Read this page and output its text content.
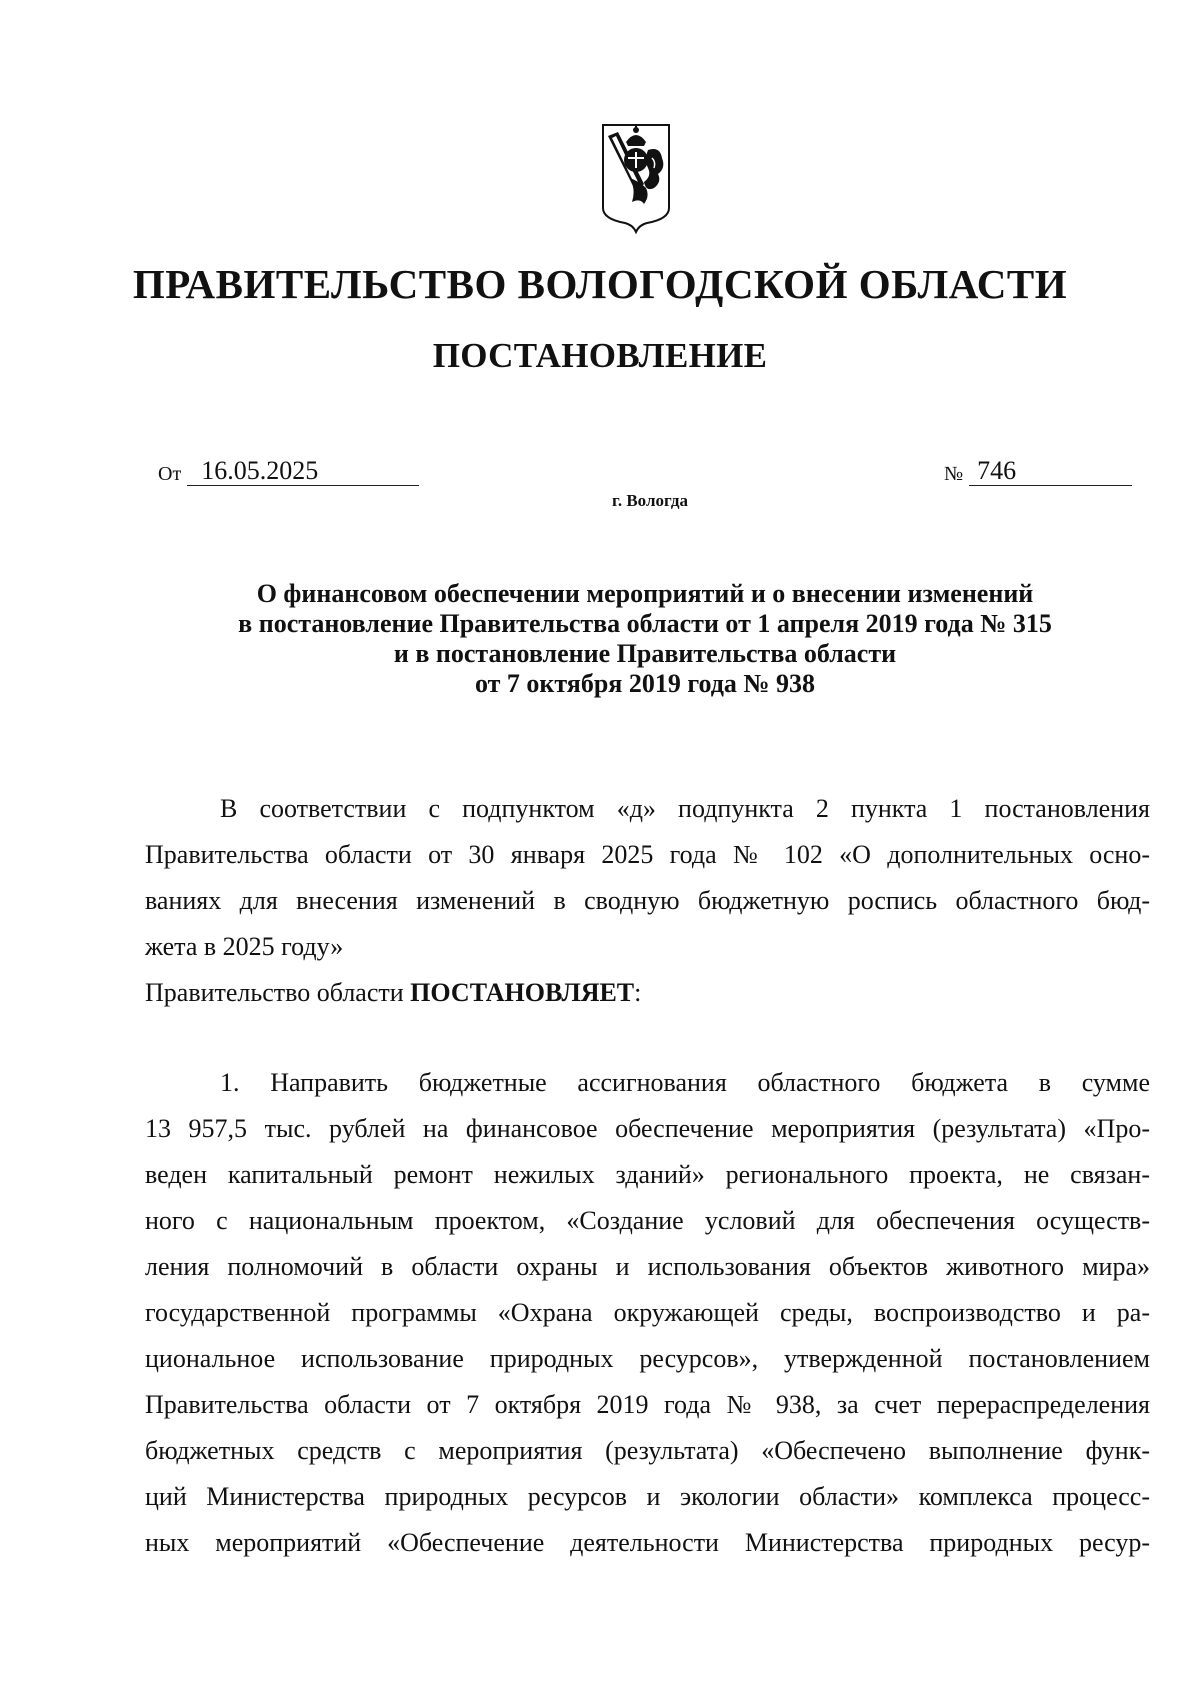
ПРАВИТЕЛЬСТВО ВОЛОГОДСКОЙ ОБЛАСТИ
ПОСТАНОВЛЕНИЕ
От 16.05.2025	№ 746
г. Вологда
О финансовом обеспечении мероприятий и о внесении изменений
в постановление Правительства области от 1 апреля 2019 года № 315
и в постановление Правительства области
от 7 октября 2019 года № 938
В соответствии с подпунктом «д» подпункта 2 пункта 1 постановления
Правительства области от 30 января 2025 года № 102 «О дополнительных осно-
ваниях для внесения изменений в сводную бюджетную роспись областного бюд-
жета в 2025 году»
Правительство области ПОСТАНОВЛЯЕТ:
1. Направить бюджетные ассигнования областного бюджета в сумме
13 957,5 тыс. рублей на финансовое обеспечение мероприятия (результата) «Про-
веден капитальный ремонт нежилых зданий» регионального проекта, не связан-
ного с национальным проектом, «Создание условий для обеспечения осуществ-
ления полномочий в области охраны и использования объектов животного мира»
государственной программы «Охрана окружающей среды, воспроизводство и ра-
циональное использование природных ресурсов», утвержденной постановлением
Правительства области от 7 октября 2019 года № 938, за счет перераспределения
бюджетных средств с мероприятия (результата) «Обеспечено выполнение функ-
ций Министерства природных ресурсов и экологии области» комплекса процесс-
ных мероприятий «Обеспечение деятельности Министерства природных ресур-
